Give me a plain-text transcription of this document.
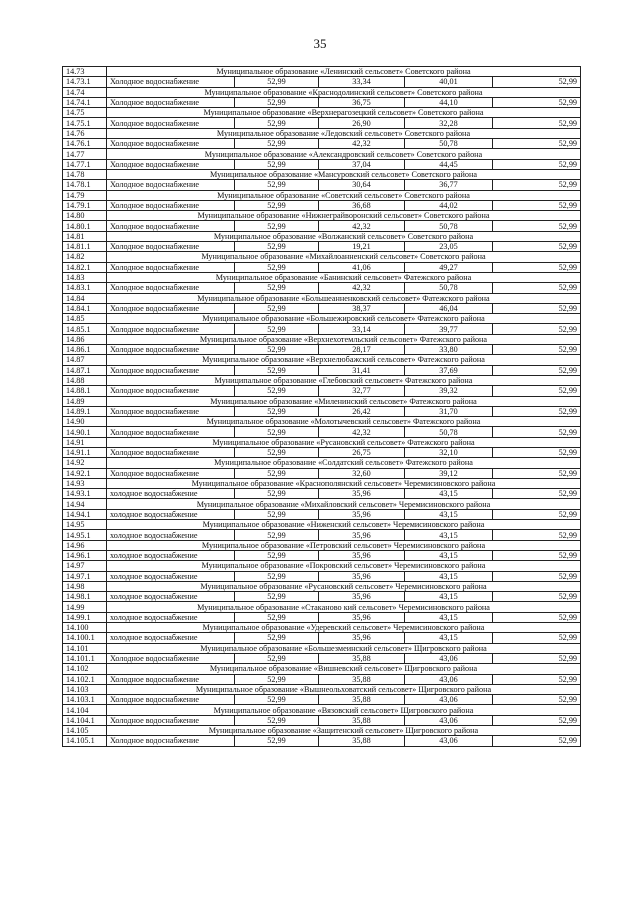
35
14.73	Муниципальное образование «Ленинский сельсовет» Советского района				
14.73.1	Холодное водоснабжение	52,99	33,34	40,01	52,99
14.74	Муниципальное образование «Краснодолинский сельсовет» Советского района				
14.74.1	Холодное водоснабжение	52,99	36,75	44,10	52,99
14.75	Муниципальное образование «Верхнерагозецкий сельсовет» Советского района				
14.75.1	Холодное водоснабжение	52,99	26,90	32,28	52,99
14.76	Муниципальное образование «Ледовский сельсовет» Советского района				
14.76.1	Холодное водоснабжение	52,99	42,32	50,78	52,99
14.77	Муниципальное образование «Александровский сельсовет» Советского района				
14.77.1	Холодное водоснабжение	52,99	37,04	44,45	52,99
14.78	Муниципальное образование «Мансуровский сельсовет» Советского района				
14.78.1	Холодное водоснабжение	52,99	30,64	36,77	52,99
14.79	Муниципальное образование «Советский сельсовет» Советского района				
14.79.1	Холодное водоснабжение	52,99	36,68	44,02	52,99
14.80	Муниципальное образование «Нижнеграйворонский сельсовет» Советского района				
14.80.1	Холодное водоснабжение	52,99	42,32	50,78	52,99
14.81	Муниципальное образование «Волжанский сельсовет» Советского района				
14.81.1	Холодное водоснабжение	52,99	19,21	23,05	52,99
14.82	Муниципальное образование «Михайлоанненский сельсовет» Советского района				
14.82.1	Холодное водоснабжение	52,99	41,06	49,27	52,99
14.83	Муниципальное образование «Банинский сельсовет» Фатежского района				
14.83.1	Холодное водоснабжение	52,99	42,32	50,78	52,99
14.84	Муниципальное образование «Большеанненковский сельсовет» Фатежского района				
14.84.1	Холодное водоснабжение	52,99	38,37	46,04	52,99
14.85	Муниципальное образование «Большежировский сельсовет» Фатежского района				
14.85.1	Холодное водоснабжение	52,99	33,14	39,77	52,99
14.86	Муниципальное образование «Верхнехотемльский сельсовет» Фатежского района				
14.86.1	Холодное водоснабжение	52,99	28,17	33,80	52,99
14.87	Муниципальное образование «Верхнелюбажский сельсовет» Фатежского района				
14.87.1	Холодное водоснабжение	52,99	31,41	37,69	52,99
14.88	Муниципальное образование «Глебовский сельсовет» Фатежского района				
14.88.1	Холодное водоснабжение	52,99	32,77	39,32	52,99
14.89	Муниципальное образование «Миленинский сельсовет» Фатежского района				
14.89.1	Холодное водоснабжение	52,99	26,42	31,70	52,99
14.90	Муниципальное образование «Молотычевский сельсовет» Фатежского района				
14.90.1	Холодное водоснабжение	52,99	42,32	50,78	52,99
14.91	Муниципальное образование «Русановский сельсовет» Фатежского района				
14.91.1	Холодное водоснабжение	52,99	26,75	32,10	52,99
14.92	Муниципальное образование «Солдатский сельсовет» Фатежского района				
14.92.1	Холодное водоснабжение	52,99	32,60	39,12	52,99
14.93	Муниципальное образование «Краснополянский сельсовет» Черемисиновского района				
14.93.1	холодное водоснабжение	52,99	35,96	43,15	52,99
14.94	Муниципальное образование «Михайловский сельсовет» Черемисиновского района				
14.94.1	холодное водоснабжение	52,99	35,96	43,15	52,99
14.95	Муниципальное образование «Ниженский сельсовет» Черемисиновского района				
14.95.1	холодное водоснабжение	52,99	35,96	43,15	52,99
14.96	Муниципальное образование «Петровский сельсовет» Черемисиновского района				
14.96.1	холодное водоснабжение	52,99	35,96	43,15	52,99
14.97	Муниципальное образование «Покровский сельсовет» Черемисиновского района				
14.97.1	холодное водоснабжение	52,99	35,96	43,15	52,99
14.98	Муниципальное образование «Русановский сельсовет» Черемисиновского района				
14.98.1	холодное водоснабжение	52,99	35,96	43,15	52,99
14.99	Муниципальное образование «Стаканово кий сельсовет» Черемисиновского района				
14.99.1	холодное водоснабжение	52,99	35,96	43,15	52,99
14.100	Муниципальное образование «Удеревский сельсовет» Черемисиновского района				
14.100.1	холодное водоснабжение	52,99	35,96	43,15	52,99
14.101	Муниципальное образование «Большезмеинский сельсовет» Щигровского района				
14.101.1	Холодное водоснабжение	52,99	35,88	43,06	52,99
14.102	Муниципальное образование «Вишневский сельсовет» Щигровского района				
14.102.1	Холодное водоснабжение	52,99	35,88	43,06	52,99
14.103	Муниципальное образование «Вышнеольховатский сельсовет» Щигровского района				
14.103.1	Холодное водоснабжение	52,99	35,88	43,06	52,99
14.104	Муниципальное образование «Вязовский сельсовет» Щигровского района				
14.104.1	Холодное водоснабжение	52,99	35,88	43,06	52,99
14.105	Муниципальное образование «Защитенский сельсовет» Щигровского района				
14.105.1	Холодное водоснабжение	52,99	35,88	43,06	52,99
